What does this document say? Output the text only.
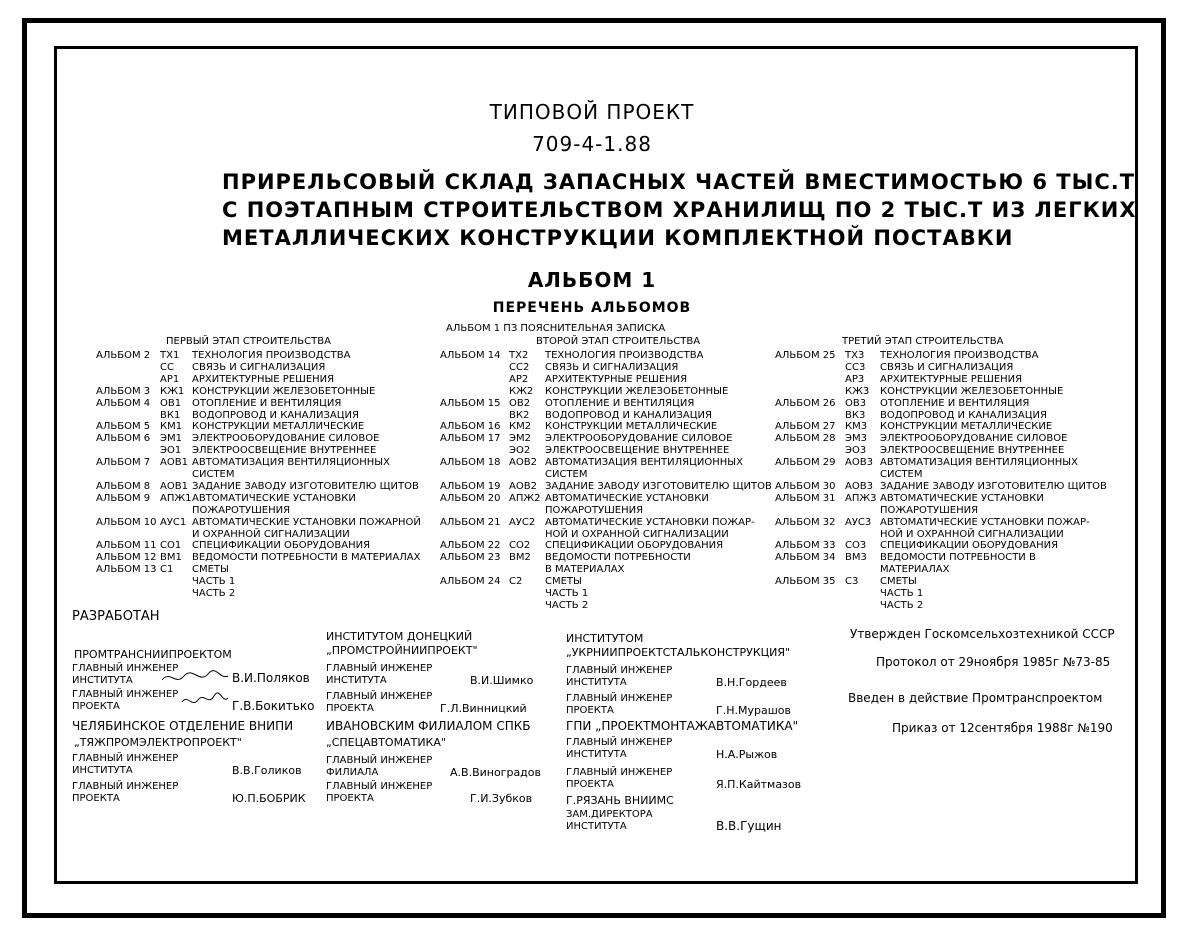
ТИПОВОЙ ПРОЕКТ
709-4-1.88
ПРИРЕЛЬСОВЫЙ СКЛАД ЗАПАСНЫХ ЧАСТЕЙ ВМЕСТИМОСТЬЮ 6 ТЫС.Т
С ПОЭТАПНЫМ СТРОИТЕЛЬСТВОМ ХРАНИЛИЩ ПО 2 ТЫС.Т ИЗ ЛЕГКИХ
МЕТАЛЛИЧЕСКИХ КОНСТРУКЦИИ КОМПЛЕКТНОЙ ПОСТАВКИ
АЛЬБОМ 1
ПЕРЕЧЕНЬ АЛЬБОМОВ
АЛЬБОМ 1 ПЗ ПОЯСНИТЕЛЬНАЯ ЗАПИСКА
ПЕРВЫЙ ЭТАП СТРОИТЕЛЬСТВА
АЛЬБОМ 2 ТХ1 ТЕХНОЛОГИЯ ПРОИЗВОДСТВА
СС СВЯЗЬ И СИГНАЛИЗАЦИЯ
АР1 АРХИТЕКТУРНЫЕ РЕШЕНИЯ
АЛЬБОМ 3 КЖ1 КОНСТРУКЦИИ ЖЕЛЕЗОБЕТОННЫЕ
АЛЬБОМ 4 ОВ1 ОТОПЛЕНИЕ И ВЕНТИЛЯЦИЯ
ВК1 ВОДОПРОВОД И КАНАЛИЗАЦИЯ
АЛЬБОМ 5 КМ1 КОНСТРУКЦИИ МЕТАЛЛИЧЕСКИЕ
АЛЬБОМ 6 ЭМ1 ЭЛЕКТРООБОРУДОВАНИЕ СИЛОВОЕ
ЭО1 ЭЛЕКТРООСВЕЩЕНИЕ ВНУТРЕННЕЕ
АЛЬБОМ 7 АОВ1 АВТОМАТИЗАЦИЯ ВЕНТИЛЯЦИОННЫХ
СИСТЕМ
АЛЬБОМ 8 АОВ1 ЗАДАНИЕ ЗАВОДУ ИЗГОТОВИТЕЛЮ ЩИТОВ
АЛЬБОМ 9 АПЖ1 АВТОМАТИЧЕСКИЕ УСТАНОВКИ
ПОЖАРОТУШЕНИЯ
АЛЬБОМ 10 АУС1 АВТОМАТИЧЕСКИЕ УСТАНОВКИ ПОЖАРНОЙ
И ОХРАННОЙ СИГНАЛИЗАЦИИ
АЛЬБОМ 11 СО1 СПЕЦИФИКАЦИИ ОБОРУДОВАНИЯ
АЛЬБОМ 12 ВМ1 ВЕДОМОСТИ ПОТРЕБНОСТИ В МАТЕРИАЛАХ
АЛЬБОМ 13 С1 СМЕТЫ
ЧАСТЬ 1
ЧАСТЬ 2
ВТОРОЙ ЭТАП СТРОИТЕЛЬСТВА
АЛЬБОМ 14 ТХ2 ТЕХНОЛОГИЯ ПРОИЗВОДСТВА
СС2 СВЯЗЬ И СИГНАЛИЗАЦИЯ
АР2 АРХИТЕКТУРНЫЕ РЕШЕНИЯ
КЖ2 КОНСТРУКЦИИ ЖЕЛЕЗОБЕТОННЫЕ
АЛЬБОМ 15 ОВ2 ОТОПЛЕНИЕ И ВЕНТИЛЯЦИЯ
ВК2 ВОДОПРОВОД И КАНАЛИЗАЦИЯ
АЛЬБОМ 16 КМ2 КОНСТРУКЦИИ МЕТАЛЛИЧЕСКИЕ
АЛЬБОМ 17 ЭМ2 ЭЛЕКТРООБОРУДОВАНИЕ СИЛОВОЕ
ЭО2 ЭЛЕКТРООСВЕЩЕНИЕ ВНУТРЕННЕЕ
АЛЬБОМ 18 АОВ2 АВТОМАТИЗАЦИЯ ВЕНТИЛЯЦИОННЫХ
СИСТЕМ
АЛЬБОМ 19 АОВ2 ЗАДАНИЕ ЗАВОДУ ИЗГОТОВИТЕЛЮ ЩИТОВ
АЛЬБОМ 20 АПЖ2 АВТОМАТИЧЕСКИЕ УСТАНОВКИ
ПОЖАРОТУШЕНИЯ
АЛЬБОМ 21 АУС2 АВТОМАТИЧЕСКИЕ УСТАНОВКИ ПОЖАР-
НОЙ И ОХРАННОЙ СИГНАЛИЗАЦИИ
АЛЬБОМ 22 СО2 СПЕЦИФИКАЦИИ ОБОРУДОВАНИЯ
АЛЬБОМ 23 ВМ2 ВЕДОМОСТИ ПОТРЕБНОСТИ
В МАТЕРИАЛАХ
АЛЬБОМ 24 С2 СМЕТЫ
ЧАСТЬ 1
ЧАСТЬ 2
ТРЕТИЙ ЭТАП СТРОИТЕЛЬСТВА
АЛЬБОМ 25 ТХ3 ТЕХНОЛОГИЯ ПРОИЗВОДСТВА
СС3 СВЯЗЬ И СИГНАЛИЗАЦИЯ
АР3 АРХИТЕКТУРНЫЕ РЕШЕНИЯ
КЖ3 КОНСТРУКЦИИ ЖЕЛЕЗОБЕТОННЫЕ
АЛЬБОМ 26 ОВ3 ОТОПЛЕНИЕ И ВЕНТИЛЯЦИЯ
ВК3 ВОДОПРОВОД И КАНАЛИЗАЦИЯ
АЛЬБОМ 27 КМ3 КОНСТРУКЦИИ МЕТАЛЛИЧЕСКИЕ
АЛЬБОМ 28 ЭМ3 ЭЛЕКТРООБОРУДОВАНИЕ СИЛОВОЕ
ЭО3 ЭЛЕКТРООСВЕЩЕНИЕ ВНУТРЕННЕЕ
АЛЬБОМ 29 АОВ3 АВТОМАТИЗАЦИЯ ВЕНТИЛЯЦИОННЫХ
СИСТЕМ
АЛЬБОМ 30 АОВ3 ЗАДАНИЕ ЗАВОДУ ИЗГОТОВИТЕЛЮ ЩИТОВ
АЛЬБОМ 31 АПЖ3 АВТОМАТИЧЕСКИЕ УСТАНОВКИ
ПОЖАРОТУШЕНИЯ
АЛЬБОМ 32 АУС3 АВТОМАТИЧЕСКИЕ УСТАНОВКИ ПОЖАР-
НОЙ И ОХРАННОЙ СИГНАЛИЗАЦИИ
АЛЬБОМ 33 СО3 СПЕЦИФИКАЦИИ ОБОРУДОВАНИЯ
АЛЬБОМ 34 ВМ3 ВЕДОМОСТИ ПОТРЕБНОСТИ В
МАТЕРИАЛАХ
АЛЬБОМ 35 С3 СМЕТЫ
ЧАСТЬ 1
ЧАСТЬ 2
РАЗРАБОТАН
ПРОМТРАНСНИИПРОЕКТОМ
ГЛАВНЫЙ ИНЖЕНЕР
ИНСТИТУТА	В.И.Поляков
ГЛАВНЫЙ ИНЖЕНЕР
ПРОЕКТА	Г.В.Бокитько
ЧЕЛЯБИНСКОЕ ОТДЕЛЕНИЕ ВНИПИ
„ТЯЖПРОМЭЛЕКТРОПРОЕКТ"
ГЛАВНЫЙ ИНЖЕНЕР
ИНСТИТУТА	В.В.Голиков
ГЛАВНЫЙ ИНЖЕНЕР
ПРОЕКТА	Ю.П.БОБРИК
ИНСТИТУТОМ ДОНЕЦКИЙ
„ПРОМСТРОЙНИИПРОЕКТ"
ГЛАВНЫЙ ИНЖЕНЕР
ИНСТИТУТА	В.И.Шимко
ГЛАВНЫЙ ИНЖЕНЕР
ПРОЕКТА	Г.Л.Винницкий
ИВАНОВСКИМ ФИЛИАЛОМ СПКБ
„СПЕЦАВТОМАТИКА"
ГЛАВНЫЙ ИНЖЕНЕР
ФИЛИАЛА	А.В.Виноградов
ГЛАВНЫЙ ИНЖЕНЕР
ПРОЕКТА	Г.И.Зубков
ИНСТИТУТОМ
„УКРНИИПРОЕКТСТАЛЬКОНСТРУКЦИЯ"
ГЛАВНЫЙ ИНЖЕНЕР
ИНСТИТУТА	В.Н.Гордеев
ГЛАВНЫЙ ИНЖЕНЕР
ПРОЕКТА	Г.Н.Мурашов
ГПИ „ПРОЕКТМОНТАЖАВТОМАТИКА"
ГЛАВНЫЙ ИНЖЕНЕР
ИНСТИТУТА	Н.А.Рыжов
ГЛАВНЫЙ ИНЖЕНЕР
ПРОЕКТА	Я.П.Кайтмазов
Г.РЯЗАНЬ ВНИИМС
ЗАМ.ДИРЕКТОРА
ИНСТИТУТА	В.В.Гущин
Утвержден Госкомсельхозтехникой СССР
Протокол от 29ноября 1985г №73-85
Введен в действие Промтранспроектом
Приказ от 12сентября 1988г №190
